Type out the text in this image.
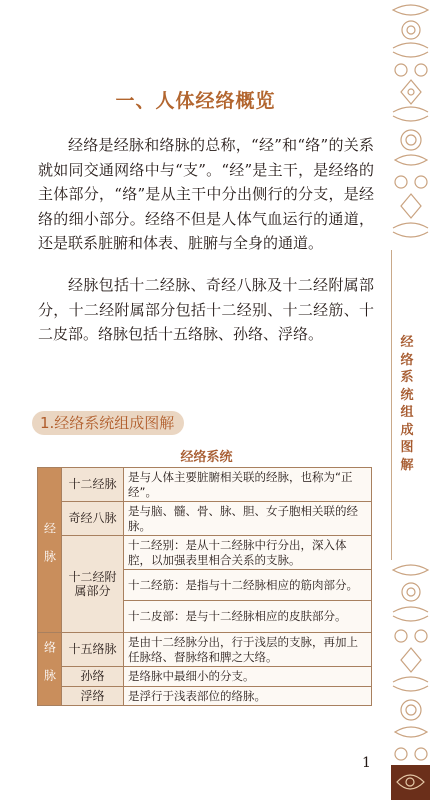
经络系统组成图解
一、人体经络概览

经络是经脉和络脉的总称，“经”和“络”的关系就如同交通网络中与“支”。“经”是主干，是经络的主体部分，“络”是从主干中分出侧行的分支，是经络的细小部分。经络不但是人体气血运行的通道，还是联系脏腑和体表、脏腑与全身的通道。

经脉包括十二经脉、奇经八脉及十二经附属部分，十二经附属部分包括十二经别、十二经筋、十二皮部。络脉包括十五络脉、孙络、浮络。

1.经络系统组成图解
经络系统
经脉	十二经脉	是与人体主要脏腑相关联的经脉，也称为“正经”。
	奇经八脉	是与脑、髓、骨、脉、胆、女子胞相关联的经脉。
	十二经附属部分	十二经别：是从十二经脉中行分出，深入体腔，以加强表里相合关系的支脉。
		十二经筋：是指与十二经脉相应的筋肉部分。
		十二皮部：是与十二经脉相应的皮肤部分。
络脉	十五络脉	是由十二经脉分出，行于浅层的支脉，再加上任脉络、督脉络和脾之大络。
	孙络	是络脉中最细小的分支。
	浮络	是浮行于浅表部位的络脉。
1
